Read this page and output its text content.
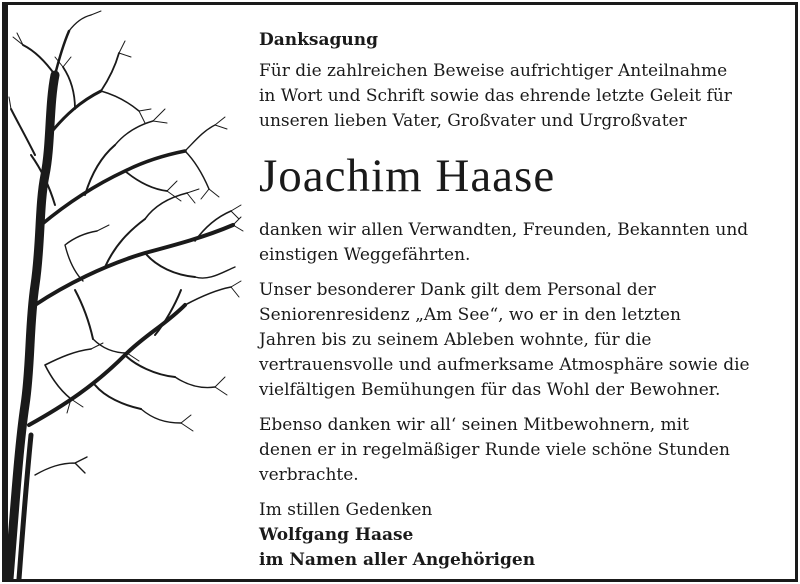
Danksagung

Für die zahlreichen Beweise aufrichtiger Anteilnahme
in Wort und Schrift sowie das ehrende letzte Geleit für
unseren lieben Vater, Großvater und Urgroßvater

Joachim Haase

danken wir allen Verwandten, Freunden, Bekannten und
einstigen Weggefährten.

Unser besonderer Dank gilt dem Personal der
Seniorenresidenz „Am See“, wo er in den letzten
Jahren bis zu seinem Ableben wohnte, für die
vertrauensvolle und aufmerksame Atmosphäre sowie die
vielfältigen Bemühungen für das Wohl der Bewohner.

Ebenso danken wir all‘ seinen Mitbewohnern, mit
denen er in regelmäßiger Runde viele schöne Stunden
verbrachte.

Im stillen Gedenken

Wolfgang Haase

im Namen aller Angehörigen
